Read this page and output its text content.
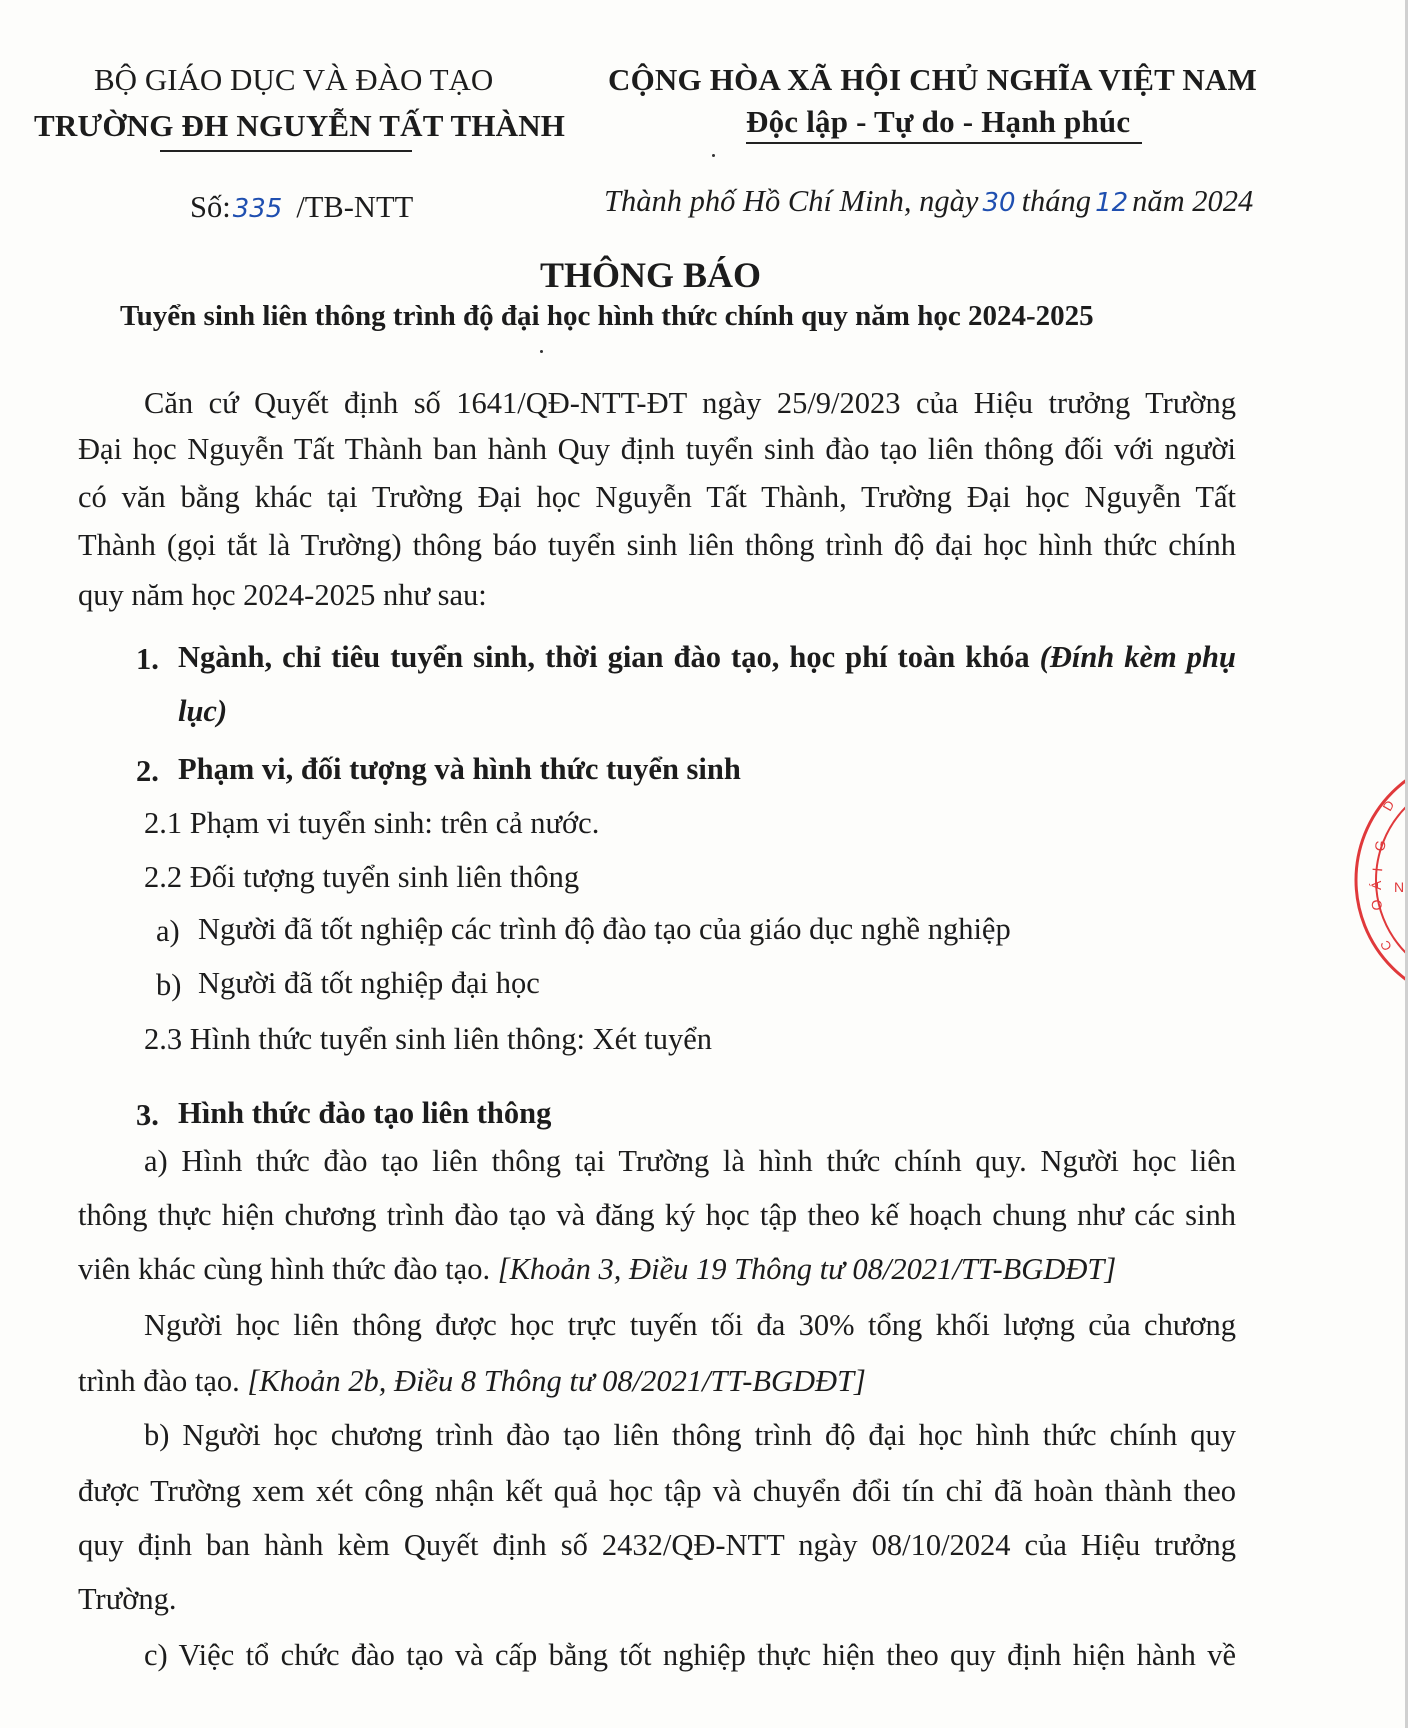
BỘ GIÁO DỤC VÀ ĐÀO TẠO
TRƯỜNG ĐH NGUYỄN TẤT THÀNH
CỘNG HÒA XÃ HỘI CHỦ NGHĨA VIỆT NAM
Độc lập - Tự do - Hạnh phúc
Số:335 /TB-NTT	Thành phố Hồ Chí Minh, ngày 30 tháng 12 năm 2024
THÔNG BÁO
Tuyển sinh liên thông trình độ đại học hình thức chính quy năm học 2024-2025
Căn cứ Quyết định số 1641/QĐ-NTT-ĐT ngày 25/9/2023 của Hiệu trưởng Trường
Đại học Nguyễn Tất Thành ban hành Quy định tuyển sinh đào tạo liên thông đối với người
có văn bằng khác tại Trường Đại học Nguyễn Tất Thành, Trường Đại học Nguyễn Tất
Thành (gọi tắt là Trường) thông báo tuyển sinh liên thông trình độ đại học hình thức chính
quy năm học 2024-2025 như sau:
1. Ngành, chỉ tiêu tuyển sinh, thời gian đào tạo, học phí toàn khóa (Đính kèm phụ
lục)
2. Phạm vi, đối tượng và hình thức tuyển sinh
2.1 Phạm vi tuyển sinh: trên cả nước.
2.2 Đối tượng tuyển sinh liên thông
a) Người đã tốt nghiệp các trình độ đào tạo của giáo dục nghề nghiệp
b) Người đã tốt nghiệp đại học
2.3 Hình thức tuyển sinh liên thông: Xét tuyển
3. Hình thức đào tạo liên thông
a) Hình thức đào tạo liên thông tại Trường là hình thức chính quy. Người học liên
thông thực hiện chương trình đào tạo và đăng ký học tập theo kế hoạch chung như các sinh
viên khác cùng hình thức đào tạo. [Khoản 3, Điều 19 Thông tư 08/2021/TT-BGDĐT]
Người học liên thông được học trực tuyến tối đa 30% tổng khối lượng của chương
trình đào tạo. [Khoản 2b, Điều 8 Thông tư 08/2021/TT-BGDĐT]
b) Người học chương trình đào tạo liên thông trình độ đại học hình thức chính quy
được Trường xem xét công nhận kết quả học tập và chuyển đổi tín chỉ đã hoàn thành theo
quy định ban hành kèm Quyết định số 2432/QĐ-NTT ngày 08/10/2024 của Hiệu trưởng
Trường.
c) Việc tổ chức đào tạo và cấp bằng tốt nghiệp thực hiện theo quy định hiện hành về
G
I
Á
O
N
D
C
